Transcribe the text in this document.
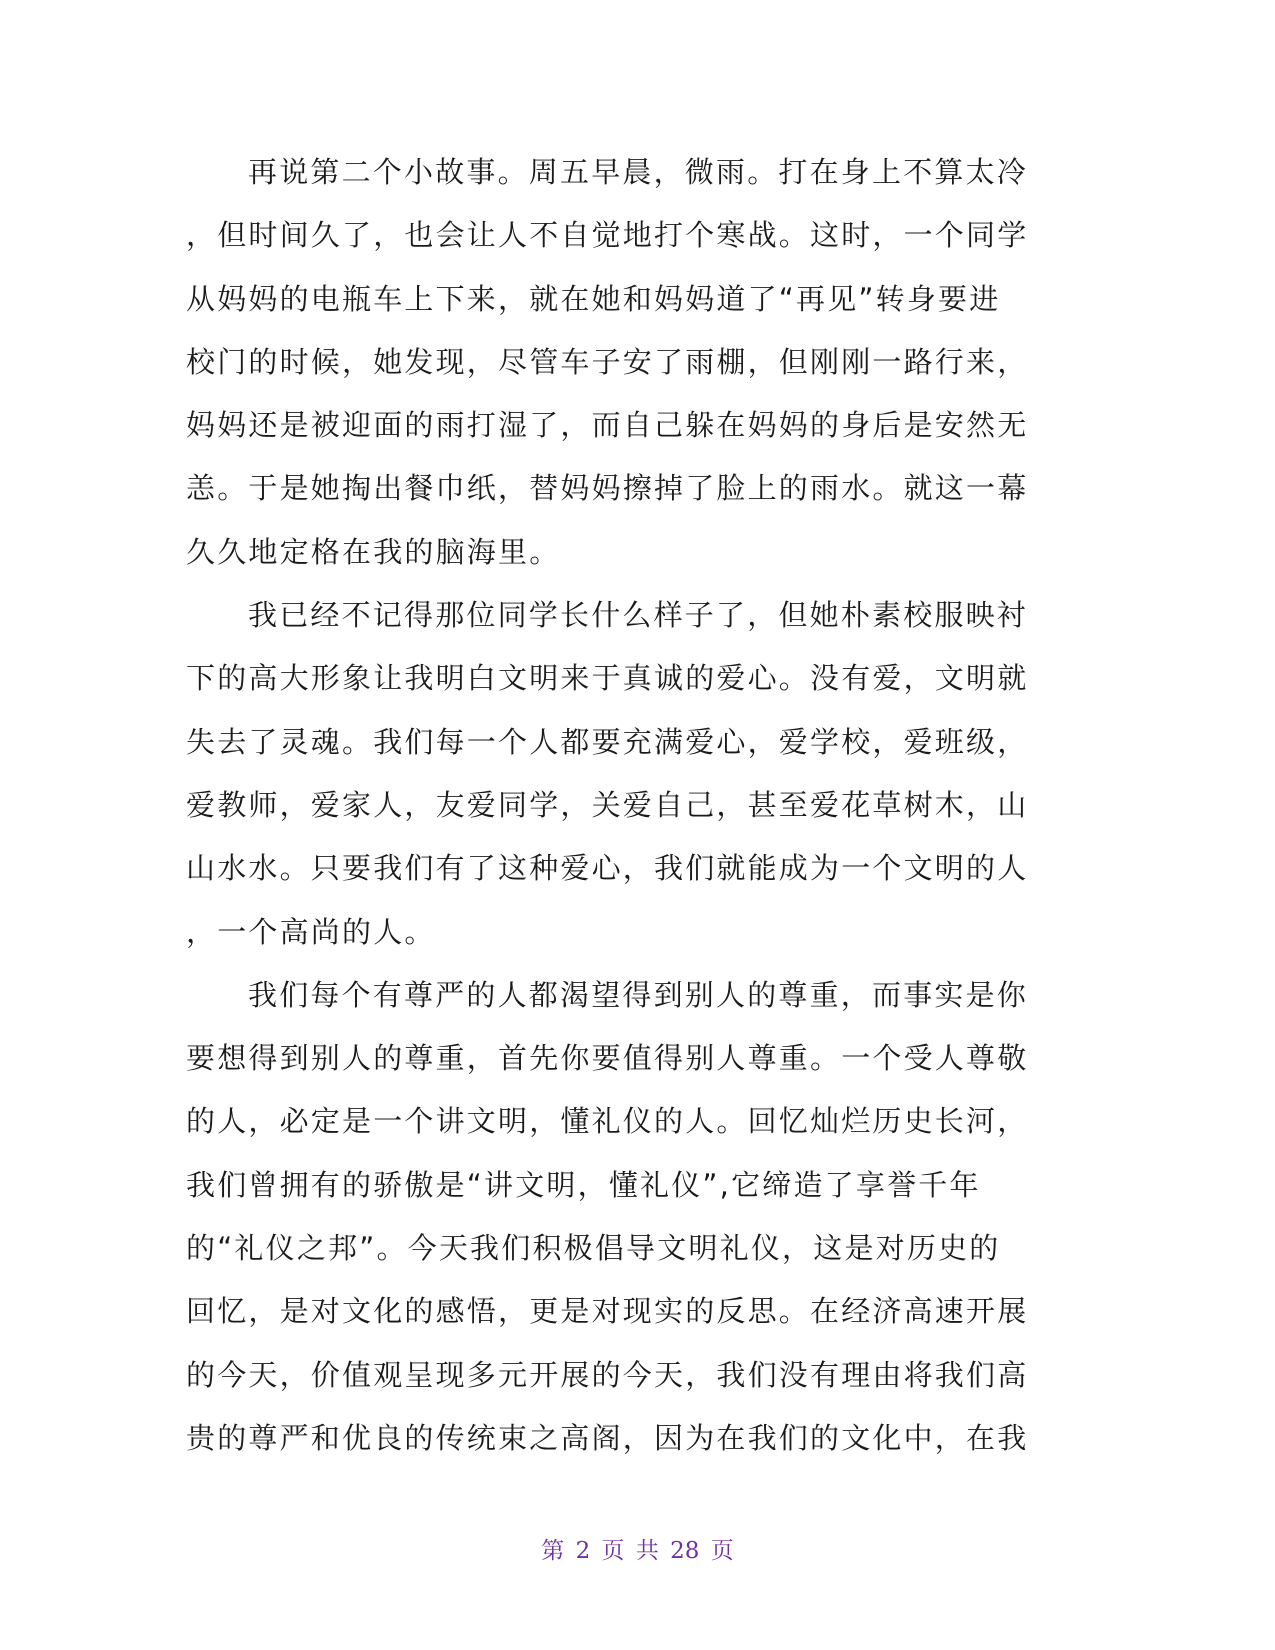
再说第二个小故事。周五早晨，微雨。打在身上不算太冷
，但时间久了，也会让人不自觉地打个寒战。这时，一个同学
从妈妈的电瓶车上下来，就在她和妈妈道了“再见”转身要进
校门的时候，她发现，尽管车子安了雨棚，但刚刚一路行来，
妈妈还是被迎面的雨打湿了，而自己躲在妈妈的身后是安然无
恙。于是她掏出餐巾纸，替妈妈擦掉了脸上的雨水。就这一幕
久久地定格在我的脑海里。
我已经不记得那位同学长什么样子了，但她朴素校服映衬
下的高大形象让我明白文明来于真诚的爱心。没有爱，文明就
失去了灵魂。我们每一个人都要充满爱心，爱学校，爱班级，
爱教师，爱家人，友爱同学，关爱自己，甚至爱花草树木，山
山水水。只要我们有了这种爱心，我们就能成为一个文明的人
，一个高尚的人。
我们每个有尊严的人都渴望得到别人的尊重，而事实是你
要想得到别人的尊重，首先你要值得别人尊重。一个受人尊敬
的人，必定是一个讲文明，懂礼仪的人。回忆灿烂历史长河，
我们曾拥有的骄傲是“讲文明，懂礼仪”,它缔造了享誉千年
的“礼仪之邦”。今天我们积极倡导文明礼仪，这是对历史的
回忆，是对文化的感悟，更是对现实的反思。在经济高速开展
的今天，价值观呈现多元开展的今天，我们没有理由将我们高
贵的尊严和优良的传统束之高阁，因为在我们的文化中，在我
第 2 页 共 28 页
